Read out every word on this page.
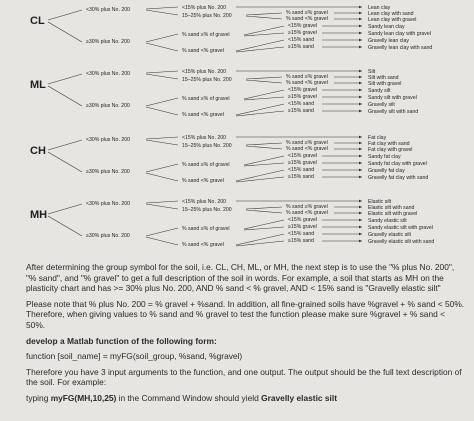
CL
<30% plus No. 200
≥30% plus No. 200
<15% plus No. 200
15–25% plus No. 200
% sand ≥% of gravel
% sand <% gravel
% sand ≥% gravel
% sand <% gravel
<15% gravel
≥15% gravel
<15% sand
≥15% sand
Lean clay
Lean clay with sand
Lean clay with gravel
Sandy lean clay
Sandy lean clay with gravel
Gravelly lean clay
Gravelly lean clay with sand
ML
<30% plus No. 200
≥30% plus No. 200
<15% plus No. 200
15–25% plus No. 200
% sand ≥% of gravel
% sand <% gravel
% sand ≥% gravel
% sand <% gravel
<15% gravel
≥15% gravel
<15% sand
≥15% sand
Silt
Silt with sand
Silt with gravel
Sandy silt
Sandy silt with gravel
Gravelly silt
Gravelly silt with sand
CH
<30% plus No. 200
≥30% plus No. 200
<15% plus No. 200
15–25% plus No. 200
% sand ≥% of gravel
% sand <% gravel
% sand ≥% gravel
% sand <% gravel
<15% gravel
≥15% gravel
<15% sand
≥15% sand
Fat clay
Fat clay with sand
Fat clay with gravel
Sandy fat clay
Sandy fat clay with gravel
Gravelly fat clay
Gravelly fat clay with sand
MH
<30% plus No. 200
≥30% plus No. 200
<15% plus No. 200
15–25% plus No. 200
% sand ≥% of gravel
% sand <% gravel
% sand ≥% gravel
% sand <% gravel
<15% gravel
≥15% gravel
<15% sand
≥15% sand
Elastic silt
Elastic silt with sand
Elastic silt with gravel
Sandy elastic silt
Sandy elastic silt with gravel
Gravelly elastic silt
Gravelly elastic silt with sand

After determining the group symbol for the soil, i.e. CL, CH, ML, or MH, the next step is to use the "% plus No. 200", "% sand", and "% gravel" to get a full description of the soil in words. For example, a soil that starts as MH on the plasticity chart and has >= 30% plus No. 200, AND % sand < % gravel, AND < 15% sand is "Gravelly elastic silt"

Please note that % plus No. 200 = % gravel + %sand. In addition, all fine-grained soils have %gravel + % sand < 50%. Therefore, when giving values to % sand and % gravel to test the function please make sure %gravel + % sand < 50%.

develop a Matlab function of the following form:

function [soil_name] = myFG(soil_group, %sand, %gravel)

Therefore you have 3 input arguments to the function, and one output. The output should be the full text description of the soil. For example:

typing myFG(MH,10,25) in the Command Window should yield Gravelly elastic silt
